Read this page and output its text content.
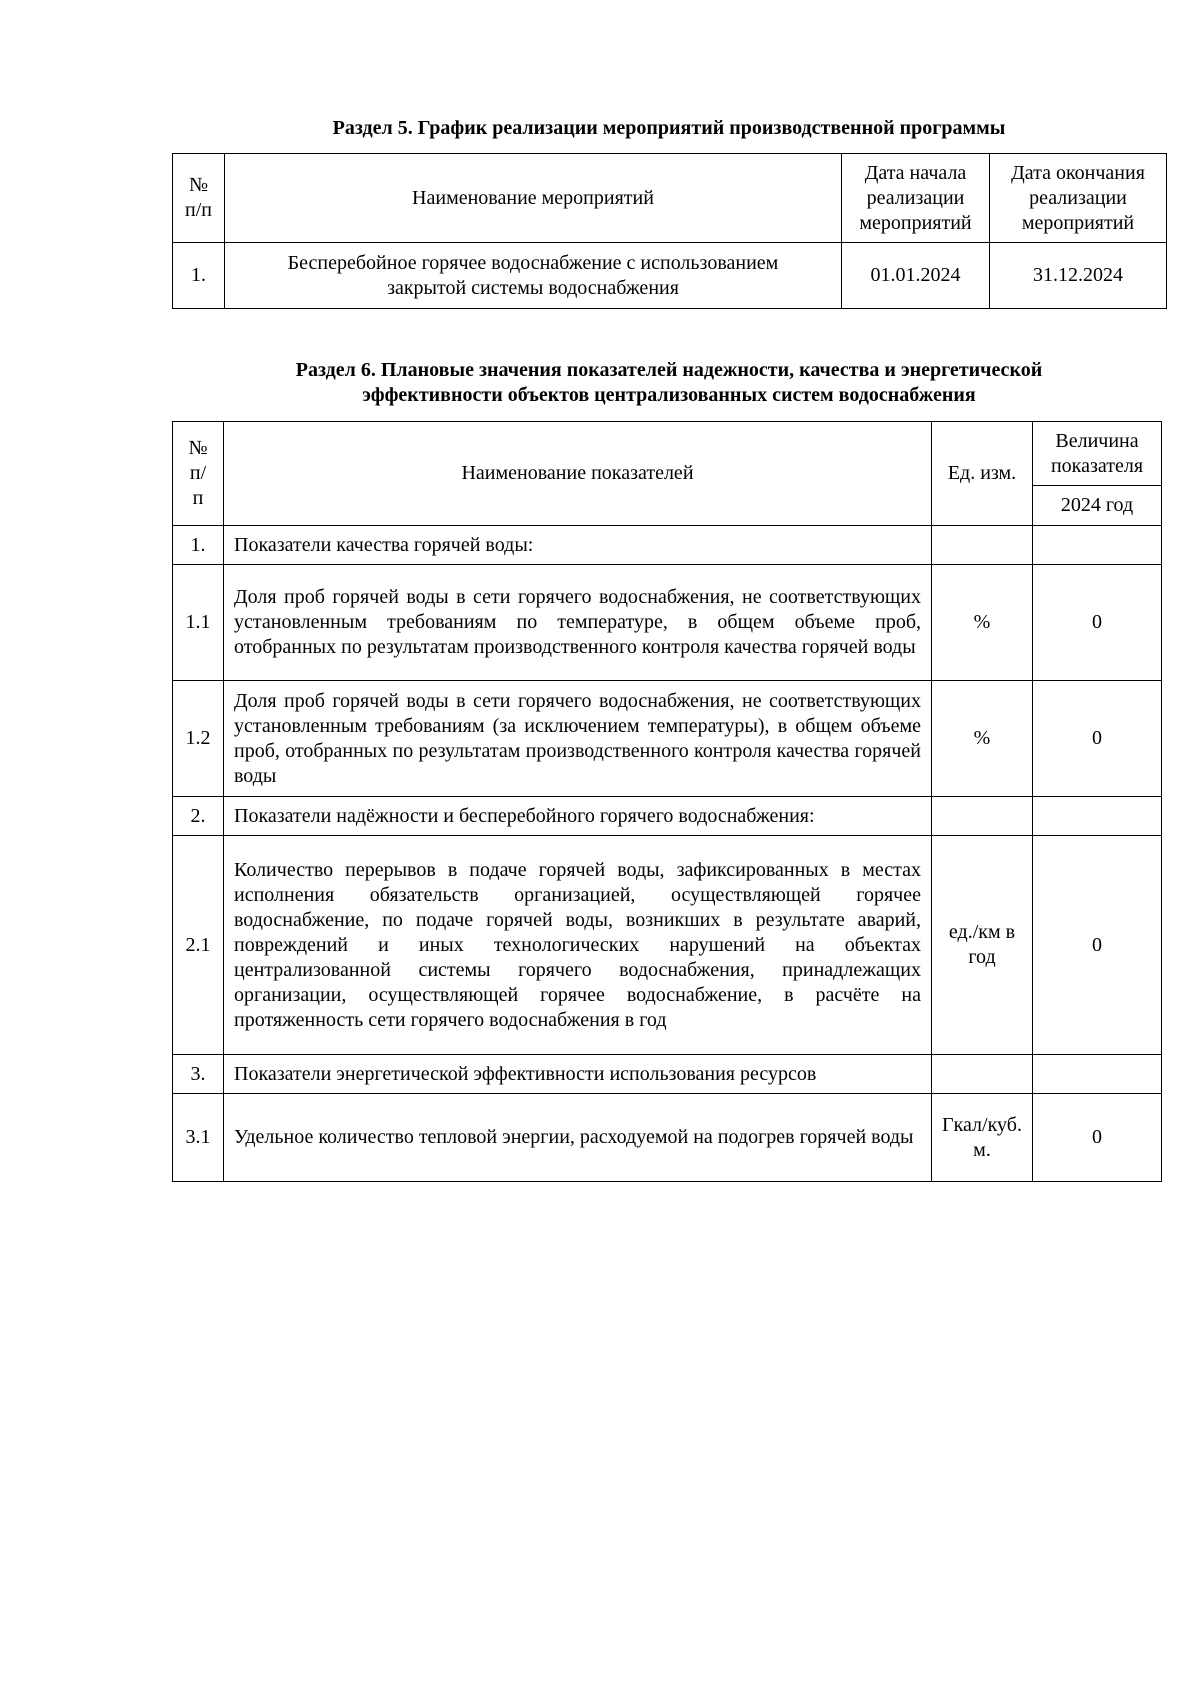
Раздел 5. График реализации мероприятий производственной программы
№ п/п	Наименование мероприятий	Дата начала реализации мероприятий	Дата окончания реализации мероприятий
1.	Бесперебойное горячее водоснабжение с использованием закрытой системы водоснабжения	01.01.2024	31.12.2024
Раздел 6. Плановые значения показателей надежности, качества и энергетической
эффективности объектов централизованных систем водоснабжения
№ п/ п	Наименование показателей	Ед. изм.	Величина показателя
			2024 год
1.	Показатели качества горячей воды:		
1.1	Доля проб горячей воды в сети горячего водоснабжения, не соответствующих установленным требованиям по температуре, в общем объеме проб, отобранных по результатам производственного контроля качества горячей воды	%	0
1.2	Доля проб горячей воды в сети горячего водоснабжения, не соответствующих установленным требованиям (за исключением температуры), в общем объеме проб, отобранных по результатам производственного контроля качества горячей воды	%	0
2.	Показатели надёжности и бесперебойного горячего водоснабжения:		
2.1	Количество перерывов в подаче горячей воды, зафиксированных в местах исполнения обязательств организацией, осуществляющей горячее водоснабжение, по подаче горячей воды, возникших в результате аварий, повреждений и иных технологических нарушений на объектах централизованной системы горячего водоснабжения, принадлежащих организации, осуществляющей горячее водоснабжение, в расчёте на протяженность сети горячего водоснабжения в год	ед./км в год	0
3.	Показатели энергетической эффективности использования ресурсов		
3.1	Удельное количество тепловой энергии, расходуемой на подогрев горячей воды	Гкал/куб.м.	0
